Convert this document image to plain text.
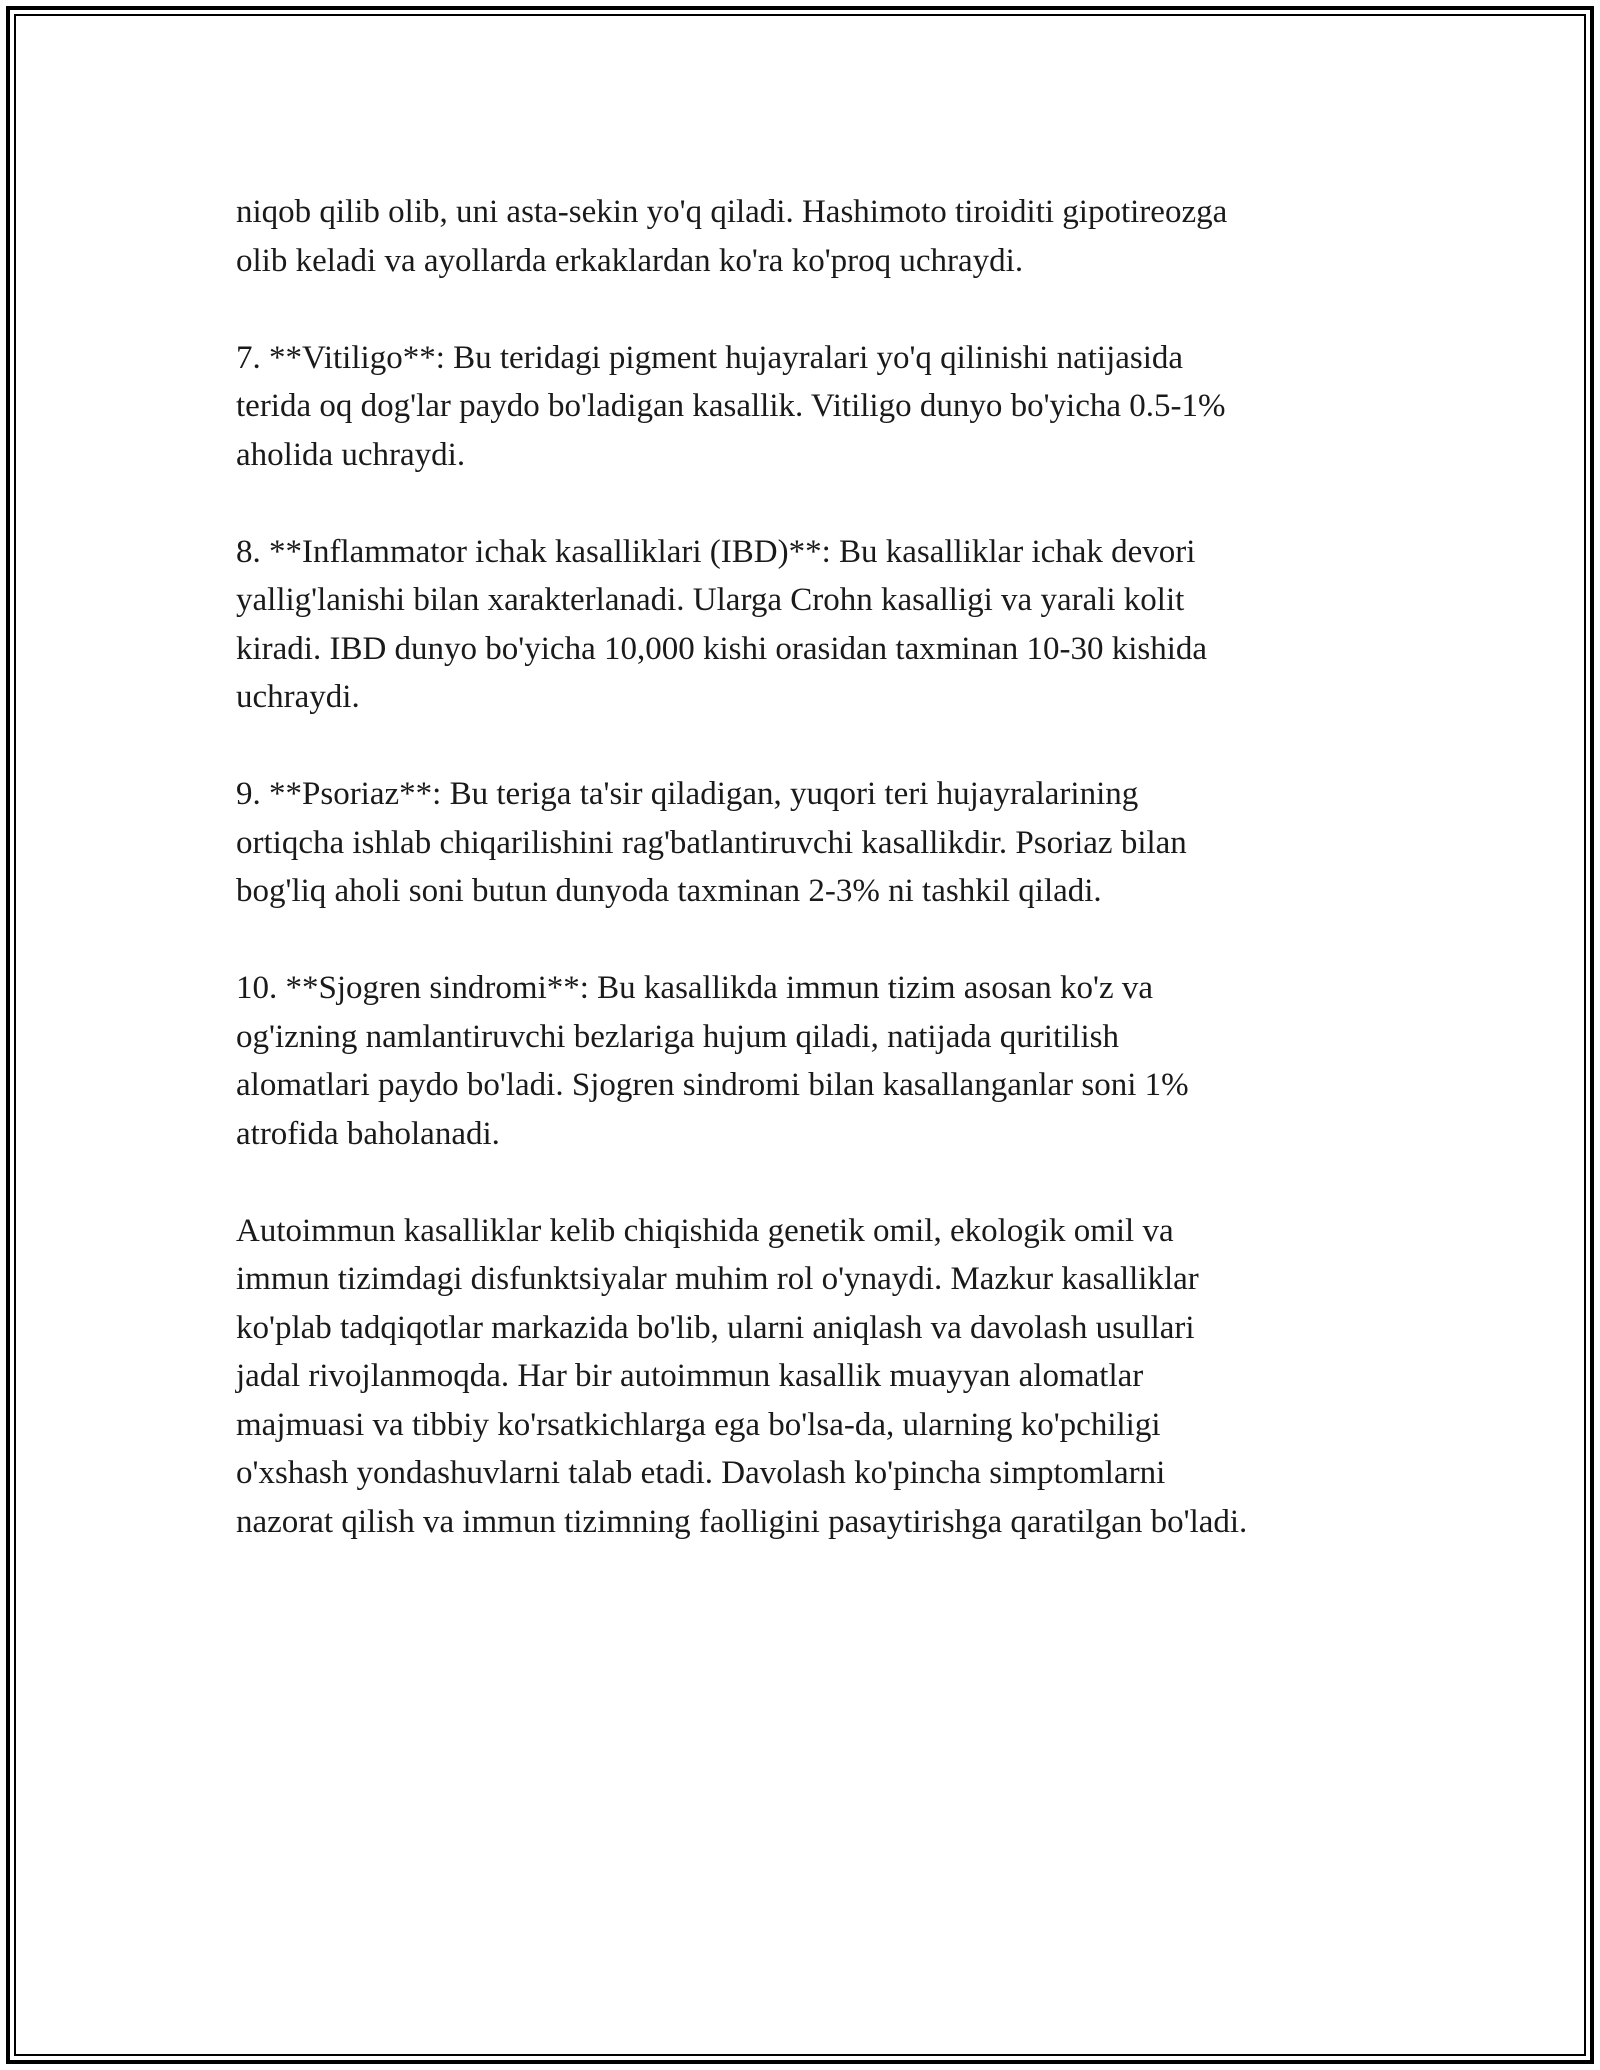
niqob qilib olib, uni asta-sekin yo'q qiladi. Hashimoto tiroiditi gipotireozga
olib keladi va ayollarda erkaklardan ko'ra ko'proq uchraydi.

7. **Vitiligo**: Bu teridagi pigment hujayralari yo'q qilinishi natijasida
terida oq dog'lar paydo bo'ladigan kasallik. Vitiligo dunyo bo'yicha 0.5-1%
aholida uchraydi.

8. **Inflammator ichak kasalliklari (IBD)**: Bu kasalliklar ichak devori
yallig'lanishi bilan xarakterlanadi. Ularga Crohn kasalligi va yarali kolit
kiradi. IBD dunyo bo'yicha 10,000 kishi orasidan taxminan 10-30 kishida
uchraydi.

9. **Psoriaz**: Bu teriga ta'sir qiladigan, yuqori teri hujayralarining
ortiqcha ishlab chiqarilishini rag'batlantiruvchi kasallikdir. Psoriaz bilan
bog'liq aholi soni butun dunyoda taxminan 2-3% ni tashkil qiladi.

10. **Sjogren sindromi**: Bu kasallikda immun tizim asosan ko'z va
og'izning namlantiruvchi bezlariga hujum qiladi, natijada quritilish
alomatlari paydo bo'ladi. Sjogren sindromi bilan kasallanganlar soni 1%
atrofida baholanadi.

Autoimmun kasalliklar kelib chiqishida genetik omil, ekologik omil va
immun tizimdagi disfunktsiyalar muhim rol o'ynaydi. Mazkur kasalliklar
ko'plab tadqiqotlar markazida bo'lib, ularni aniqlash va davolash usullari
jadal rivojlanmoqda. Har bir autoimmun kasallik muayyan alomatlar
majmuasi va tibbiy ko'rsatkichlarga ega bo'lsa-da, ularning ko'pchiligi
o'xshash yondashuvlarni talab etadi. Davolash ko'pincha simptomlarni
nazorat qilish va immun tizimning faolligini pasaytirishga qaratilgan bo'ladi.
